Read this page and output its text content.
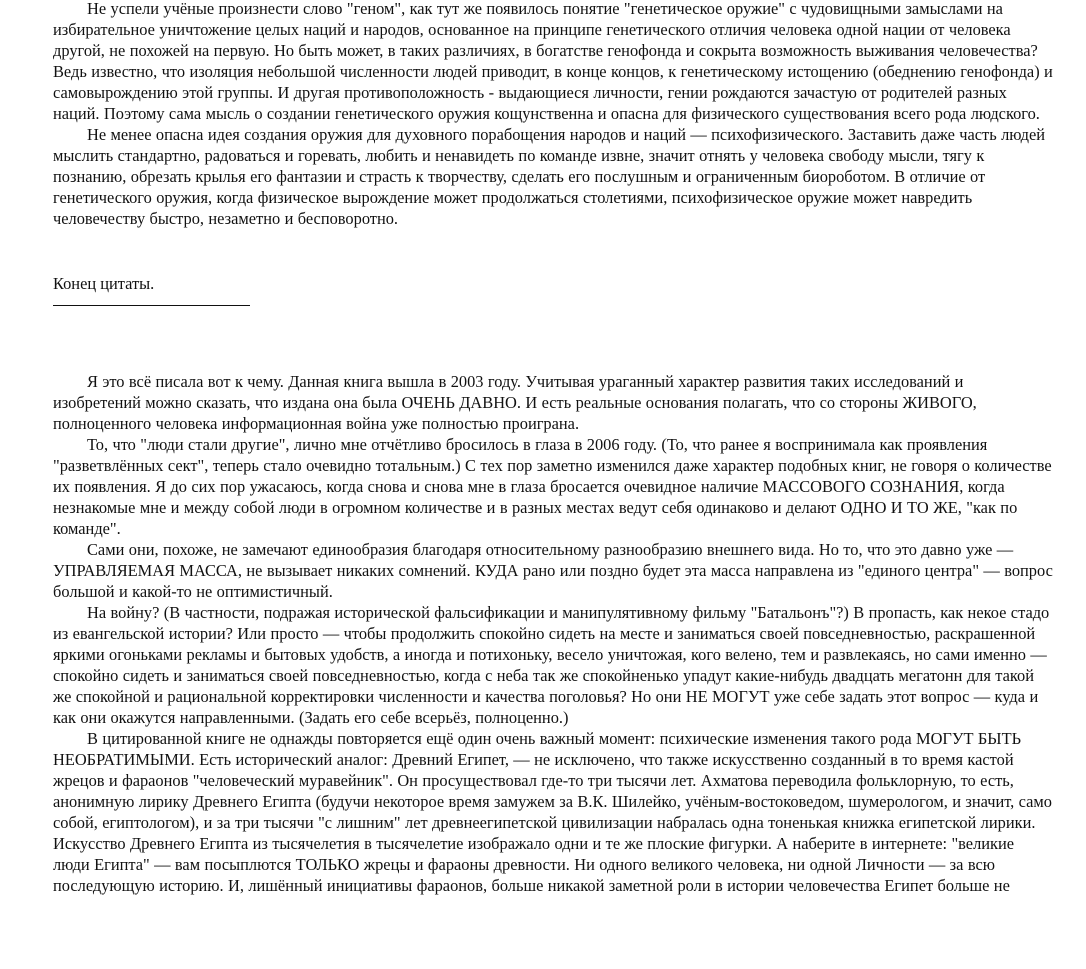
Не успели учёные произнести слово "геном", как тут же появилось понятие "генетическое оружие" с чудовищными замыслами на избирательное уничтожение целых наций и народов, основанное на принципе генетического отличия человека одной нации от человека другой, не похожей на первую. Но быть может, в таких различиях, в богатстве генофонда и сокрыта возможность выживания человечества? Ведь известно, что изоляция небольшой численности людей приводит, в конце концов, к генетическому истощению (обеднению генофонда) и самовырождению этой группы. И другая противоположность - выдающиеся личности, гении рождаются зачастую от родителей разных наций. Поэтому сама мысль о создании генетического оружия кощунственна и опасна для физического существования всего рода людского.

Не менее опасна идея создания оружия для духовного порабощения народов и наций — психофизического. Заставить даже часть людей мыслить стандартно, радоваться и горевать, любить и ненавидеть по команде извне, значит отнять у человека свободу мысли, тягу к познанию, обрезать крылья его фантазии и страсть к творчеству, сделать его послушным и ограниченным биороботом. В отличие от генетического оружия, когда физическое вырождение может продолжаться столетиями, психофизическое оружие может навредить человечеству быстро, незаметно и бесповоротно.

Конец цитаты.

Я это всё писала вот к чему. Данная книга вышла в 2003 году. Учитывая ураганный характер развития таких исследований и изобретений можно сказать, что издана она была ОЧЕНЬ ДАВНО. И есть реальные основания полагать, что со стороны ЖИВОГО, полноценного человека информационная война уже полностью проиграна.

То, что "люди стали другие", лично мне отчётливо бросилось в глаза в 2006 году. (То, что ранее я воспринимала как проявления "разветвлённых сект", теперь стало очевидно тотальным.) С тех пор заметно изменился даже характер подобных книг, не говоря о количестве их появления. Я до сих пор ужасаюсь, когда снова и снова мне в глаза бросается очевидное наличие МАССОВОГО СОЗНАНИЯ, когда незнакомые мне и между собой люди в огромном количестве и в разных местах ведут себя одинаково и делают ОДНО И ТО ЖЕ, "как по команде".

Сами они, похоже, не замечают единообразия благодаря относительному разнообразию внешнего вида. Но то, что это давно уже — УПРАВЛЯЕМАЯ МАССА, не вызывает никаких сомнений. КУДА рано или поздно будет эта масса направлена из "единого центра" — вопрос большой и какой-то не оптимистичный.

На войну? (В частности, подражая исторической фальсификации и манипулятивному фильму "Батальонъ"?) В пропасть, как некое стадо из евангельской истории? Или просто — чтобы продолжить спокойно сидеть на месте и заниматься своей повседневностью, раскрашенной яркими огоньками рекламы и бытовых удобств, а иногда и потихоньку, весело уничтожая, кого велено, тем и развлекаясь, но сами именно — спокойно сидеть и заниматься своей повседневностью, когда с неба так же спокойненько упадут какие-нибудь двадцать мегатонн для такой же спокойной и рациональной корректировки численности и качества поголовья? Но они НЕ МОГУТ уже себе задать этот вопрос — куда и как они окажутся направленными. (Задать его себе всерьёз, полноценно.)

В цитированной книге не однажды повторяется ещё один очень важный момент: психические изменения такого рода МОГУТ БЫТЬ НЕОБРАТИМЫМИ. Есть исторический аналог: Древний Египет, — не исключено, что также искусственно созданный в то время кастой жрецов и фараонов "человеческий муравейник". Он просуществовал где-то три тысячи лет. Ахматова переводила фольклорную, то есть, анонимную лирику Древнего Египта (будучи некоторое время замужем за В.К. Шилейко, учёным-востоковедом, шумерологом, и значит, само собой, египтологом), и за три тысячи "с лишним" лет древнеегипетской цивилизации набралась одна тоненькая книжка египетской лирики. Искусство Древнего Египта из тысячелетия в тысячелетие изображало одни и те же плоские фигурки. А наберите в интернете: "великие люди Египта" — вам посыплются ТОЛЬКО жрецы и фараоны древности. Ни одного великого человека, ни одной Личности — за всю последующую историю. И, лишённый инициативы фараонов, больше никакой заметной роли в истории человечества Египет больше не
